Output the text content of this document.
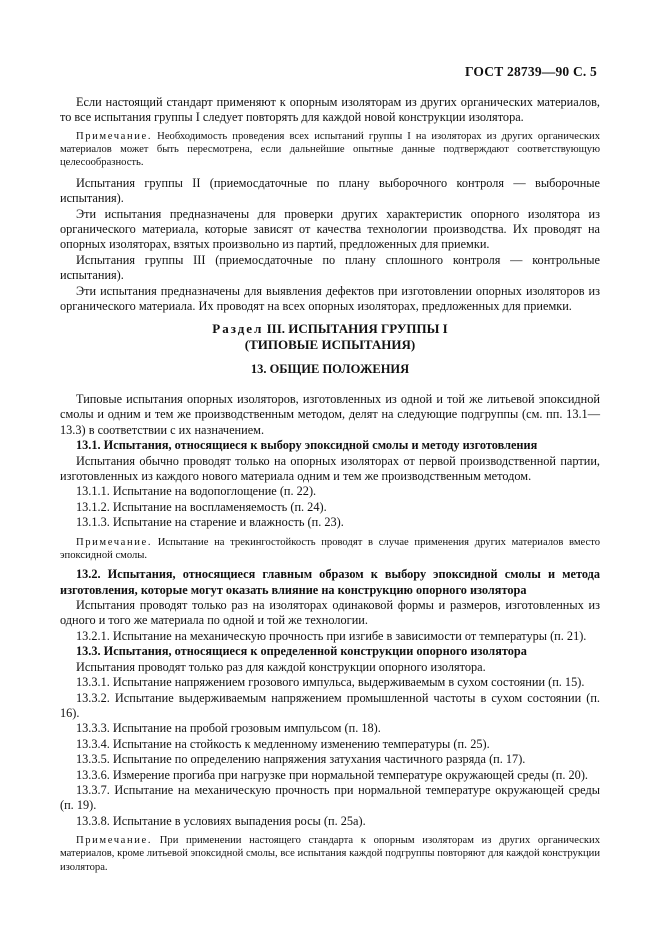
ГОСТ 28739—90 С. 5

Если настоящий стандарт применяют к опорным изоляторам из других органических материалов, то все испытания группы I следует повторять для каждой новой конструкции изолятора.

Примечание. Необходимость проведения всех испытаний группы I на изоляторах из других органических материалов может быть пересмотрена, если дальнейшие опытные данные подтверждают соответствующую целесообразность.

Испытания группы II (приемосдаточные по плану выборочного контроля — выборочные испытания).

Эти испытания предназначены для проверки других характеристик опорного изолятора из органического материала, которые зависят от качества технологии производства. Их проводят на опорных изоляторах, взятых произвольно из партий, предложенных для приемки.

Испытания группы III (приемосдаточные по плану сплошного контроля — контрольные испытания).

Эти испытания предназначены для выявления дефектов при изготовлении опорных изоляторов из органического материала. Их проводят на всех опорных изоляторах, предложенных для приемки.

Раздел III. ИСПЫТАНИЯ ГРУППЫ I
(ТИПОВЫЕ ИСПЫТАНИЯ)
13. ОБЩИЕ ПОЛОЖЕНИЯ

Типовые испытания опорных изоляторов, изготовленных из одной и той же литьевой эпоксидной смолы и одним и тем же производственным методом, делят на следующие подгруппы (см. пп. 13.1—13.3) в соответствии с их назначением.

13.1. Испытания, относящиеся к выбору эпоксидной смолы и методу изготовления

Испытания обычно проводят только на опорных изоляторах от первой производственной партии, изготовленных из каждого нового материала одним и тем же производственным методом.

13.1.1. Испытание на водопоглощение (п. 22).

13.1.2. Испытание на воспламеняемость (п. 24).

13.1.3. Испытание на старение и влажность (п. 23).

Примечание. Испытание на трекингостойкость проводят в случае применения других материалов вместо эпоксидной смолы.

13.2. Испытания, относящиеся главным образом к выбору эпоксидной смолы и метода изготовления, которые могут оказать влияние на конструкцию опорного изолятора

Испытания проводят только раз на изоляторах одинаковой формы и размеров, изготовленных из одного и того же материала по одной и той же технологии.

13.2.1. Испытание на механическую прочность при изгибе в зависимости от температуры (п. 21).

13.3. Испытания, относящиеся к определенной конструкции опорного изолятора

Испытания проводят только раз для каждой конструкции опорного изолятора.

13.3.1. Испытание напряжением грозового импульса, выдерживаемым в сухом состоянии (п. 15).

13.3.2. Испытание выдерживаемым напряжением промышленной частоты в сухом состоянии (п. 16).

13.3.3. Испытание на пробой грозовым импульсом (п. 18).

13.3.4. Испытание на стойкость к медленному изменению температуры (п. 25).

13.3.5. Испытание по определению напряжения затухания частичного разряда (п. 17).

13.3.6. Измерение прогиба при нагрузке при нормальной температуре окружающей среды (п. 20).

13.3.7. Испытание на механическую прочность при нормальной температуре окружающей среды (п. 19).

13.3.8. Испытание в условиях выпадения росы (п. 25а).

Примечание. При применении настоящего стандарта к опорным изоляторам из других органических материалов, кроме литьевой эпоксидной смолы, все испытания каждой подгруппы повторяют для каждой конструкции изолятора.
